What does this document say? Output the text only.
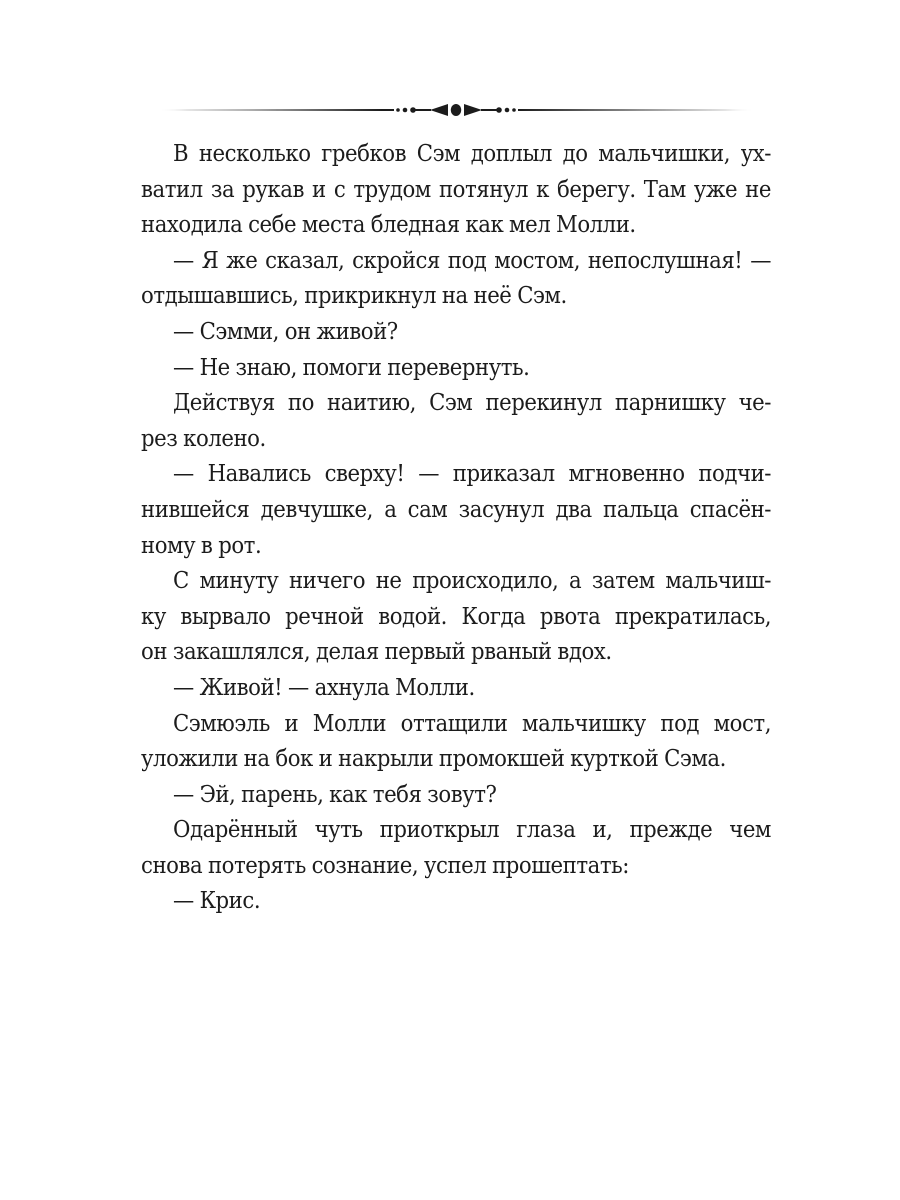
В несколько гребков Сэм доплыл до мальчишки, ух-
ватил за рукав и с трудом потянул к берегу. Там уже не
находила себе места бледная как мел Молли.
— Я же сказал, скройся под мостом, непослушная! —
отдышавшись, прикрикнул на неё Сэм.
— Сэмми, он живой?
— Не знаю, помоги перевернуть.
Действуя по наитию, Сэм перекинул парнишку че-
рез колено.
— Навались сверху! — приказал мгновенно подчи-
нившейся девчушке, а сам засунул два пальца спасён-
ному в рот.
С минуту ничего не происходило, а затем мальчиш-
ку вырвало речной водой. Когда рвота прекратилась,
он закашлялся, делая первый рваный вдох.
— Живой! — ахнула Молли.
Сэмюэль и Молли оттащили мальчишку под мост,
уложили на бок и накрыли промокшей курткой Сэма.
— Эй, парень, как тебя зовут?
Одарённый чуть приоткрыл глаза и, прежде чем
снова потерять сознание, успел прошептать:
— Крис.
